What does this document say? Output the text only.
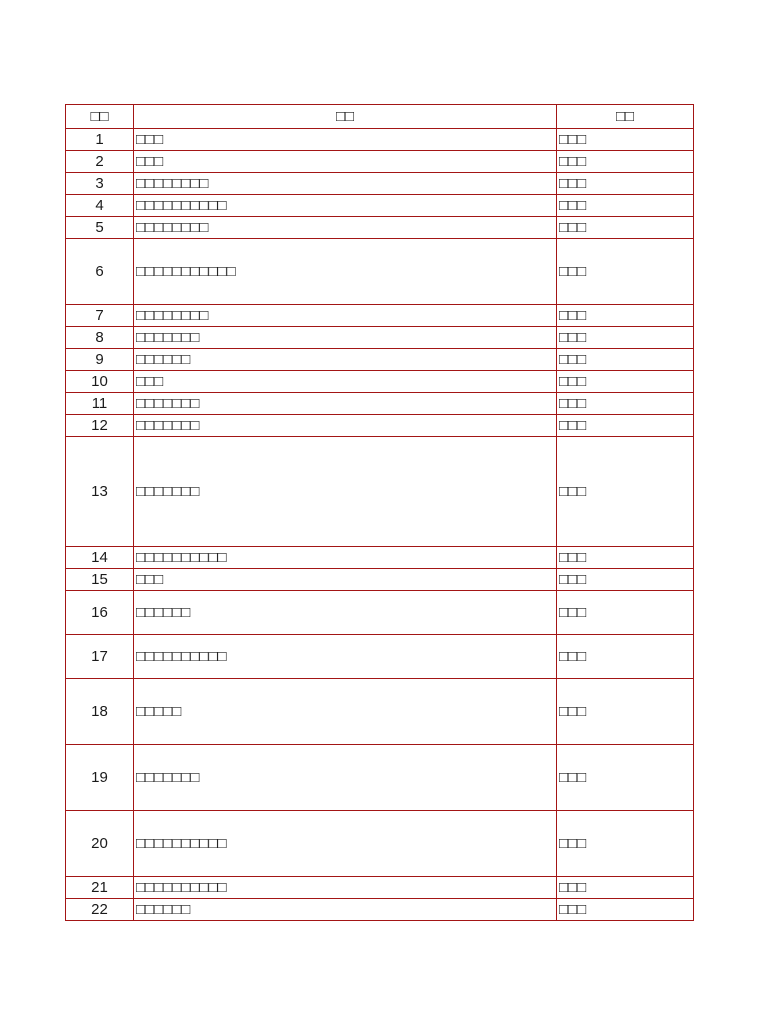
□□	□□	□□
1	□□□	□□□
2	□□□	□□□
3	□□□□□□□□	□□□
4	□□□□□□□□□□	□□□
5	□□□□□□□□	□□□
6	□□□□□□□□□□□	□□□
7	□□□□□□□□	□□□
8	□□□□□□□	□□□
9	□□□□□□	□□□
10	□□□	□□□
11	□□□□□□□	□□□
12	□□□□□□□	□□□
13	□□□□□□□	□□□
14	□□□□□□□□□□	□□□
15	□□□	□□□
16	□□□□□□	□□□
17	□□□□□□□□□□	□□□
18	□□□□□	□□□
19	□□□□□□□	□□□
20	□□□□□□□□□□	□□□
21	□□□□□□□□□□	□□□
22	□□□□□□	□□□
